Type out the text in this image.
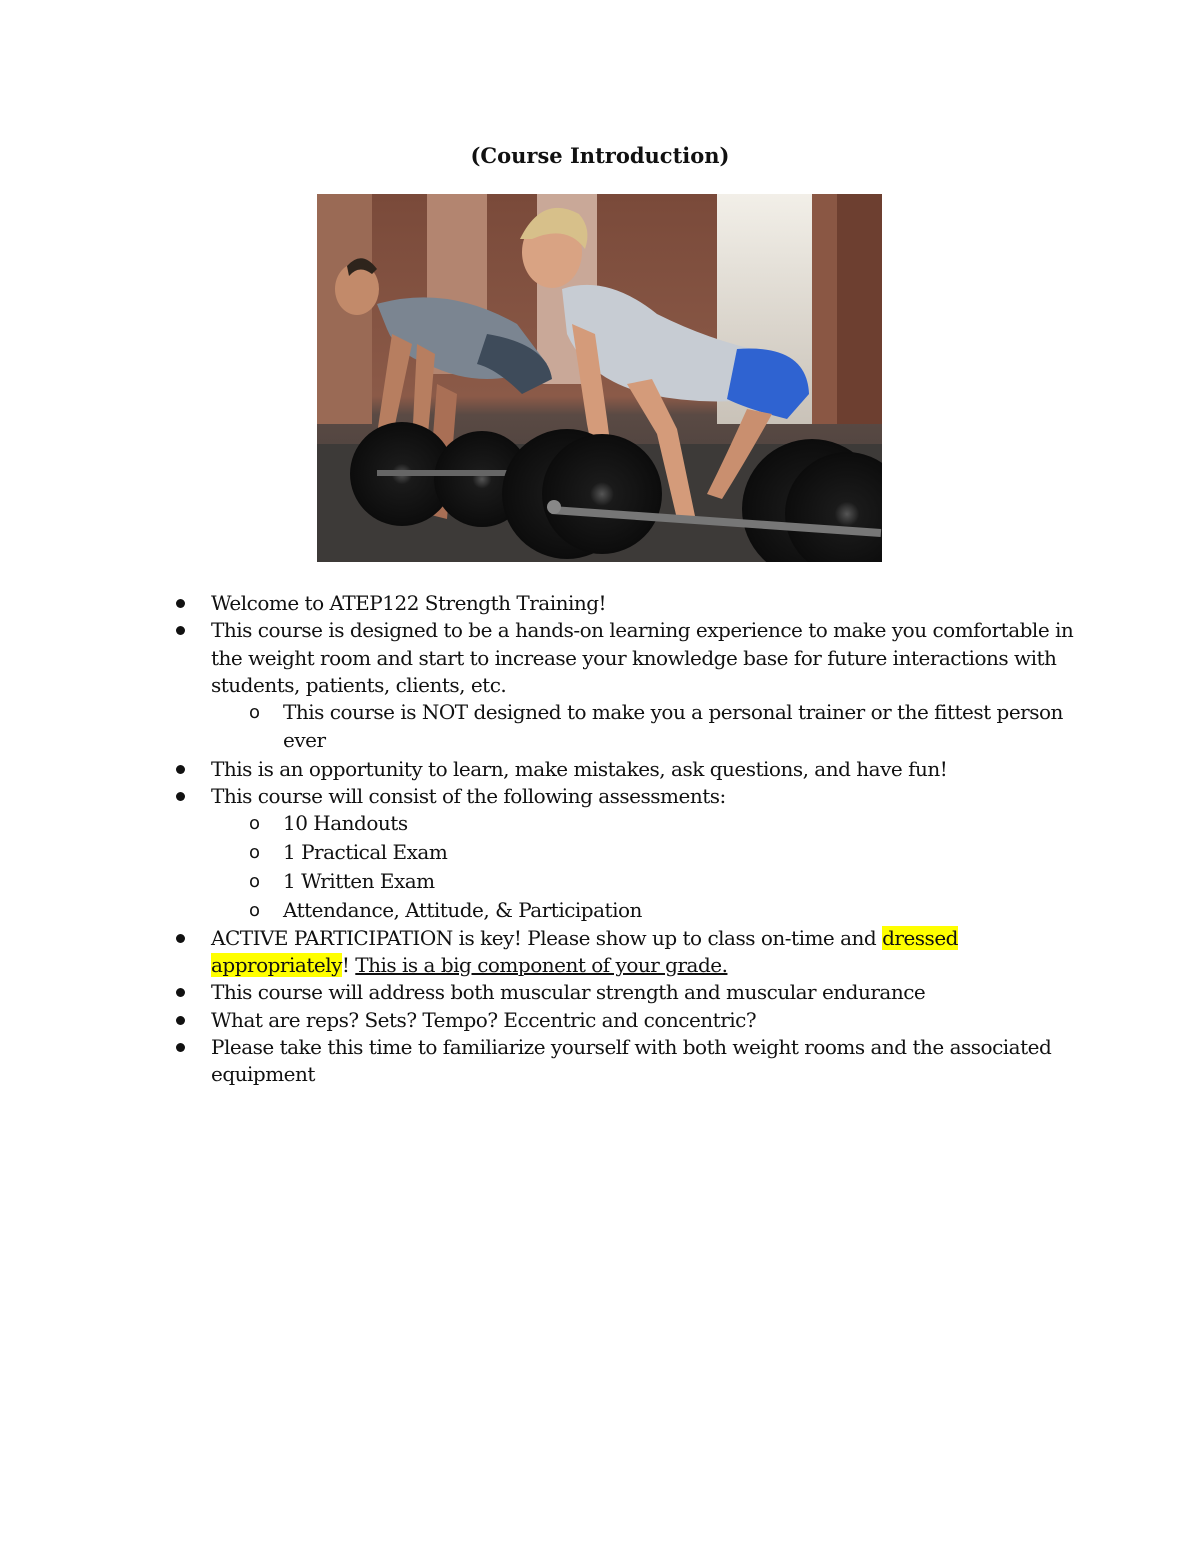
(Course Introduction)
Welcome to ATEP122 Strength Training!
This course is designed to be a hands-on learning experience to make you comfortable in
the weight room and start to increase your knowledge base for future interactions with
students, patients, clients, etc.
o This course is NOT designed to make you a personal trainer or the fittest person
ever
This is an opportunity to learn, make mistakes, ask questions, and have fun!
This course will consist of the following assessments:
o 10 Handouts
o 1 Practical Exam
o 1 Written Exam
o Attendance, Attitude, & Participation
ACTIVE PARTICIPATION is key! Please show up to class on-time and dressed
appropriately! This is a big component of your grade.
This course will address both muscular strength and muscular endurance
What are reps? Sets? Tempo? Eccentric and concentric?
Please take this time to familiarize yourself with both weight rooms and the associated
equipment
